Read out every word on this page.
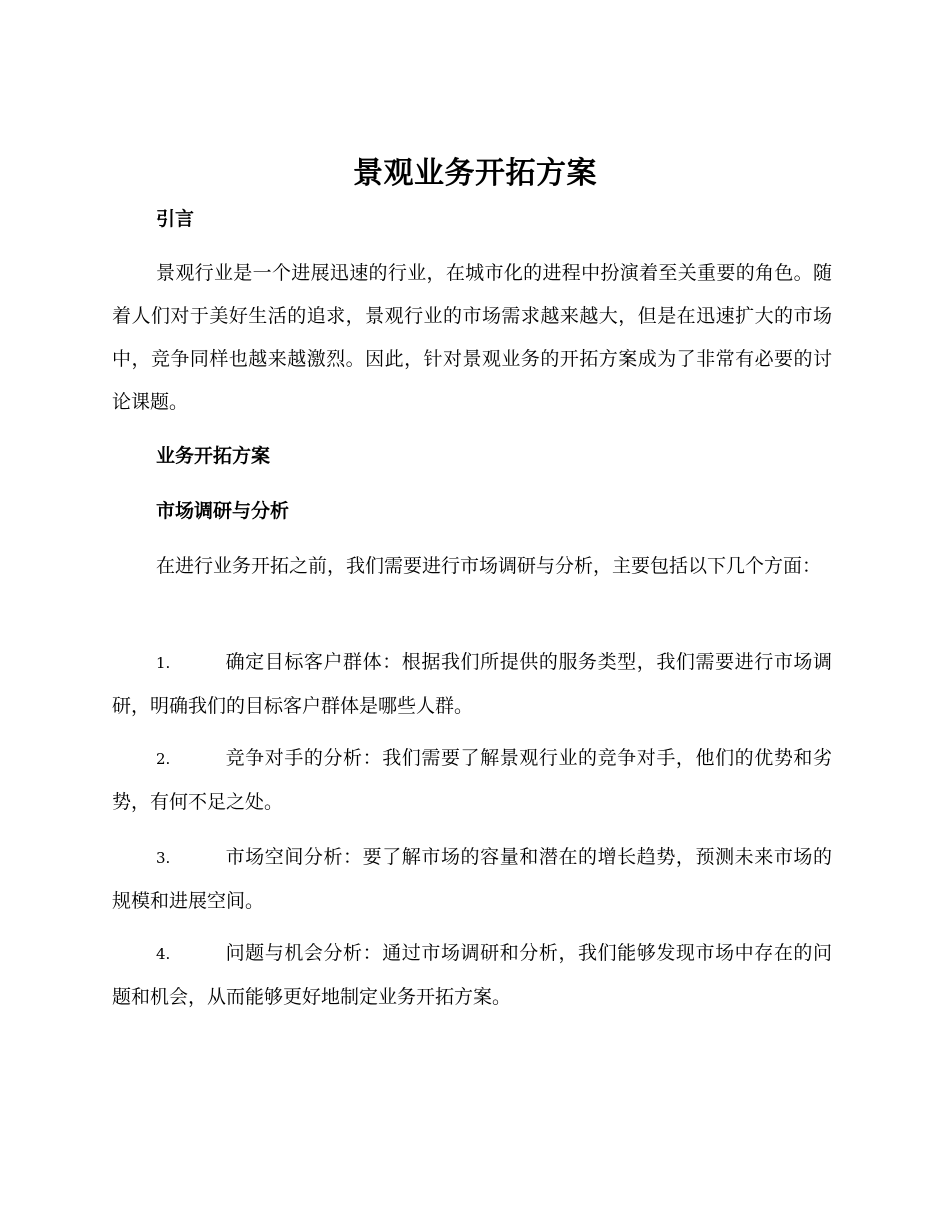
景观业务开拓方案
引言

景观行业是一个进展迅速的行业，在城市化的进程中扮演着至关重要的角色。随着人们对于美好生活的追求，景观行业的市场需求越来越大，但是在迅速扩大的市场中，竞争同样也越来越激烈。因此，针对景观业务的开拓方案成为了非常有必要的讨论课题。

业务开拓方案
市场调研与分析

在进行业务开拓之前，我们需要进行市场调研与分析，主要包括以下几个方面：

1.	确定目标客户群体：根据我们所提供的服务类型，我们需要进行市场调研，明确我们的目标客户群体是哪些人群。

2.	竞争对手的分析：我们需要了解景观行业的竞争对手，他们的优势和劣势，有何不足之处。

3.	市场空间分析：要了解市场的容量和潜在的增长趋势，预测未来市场的规模和进展空间。

4.	问题与机会分析：通过市场调研和分析，我们能够发现市场中存在的问题和机会，从而能够更好地制定业务开拓方案。
